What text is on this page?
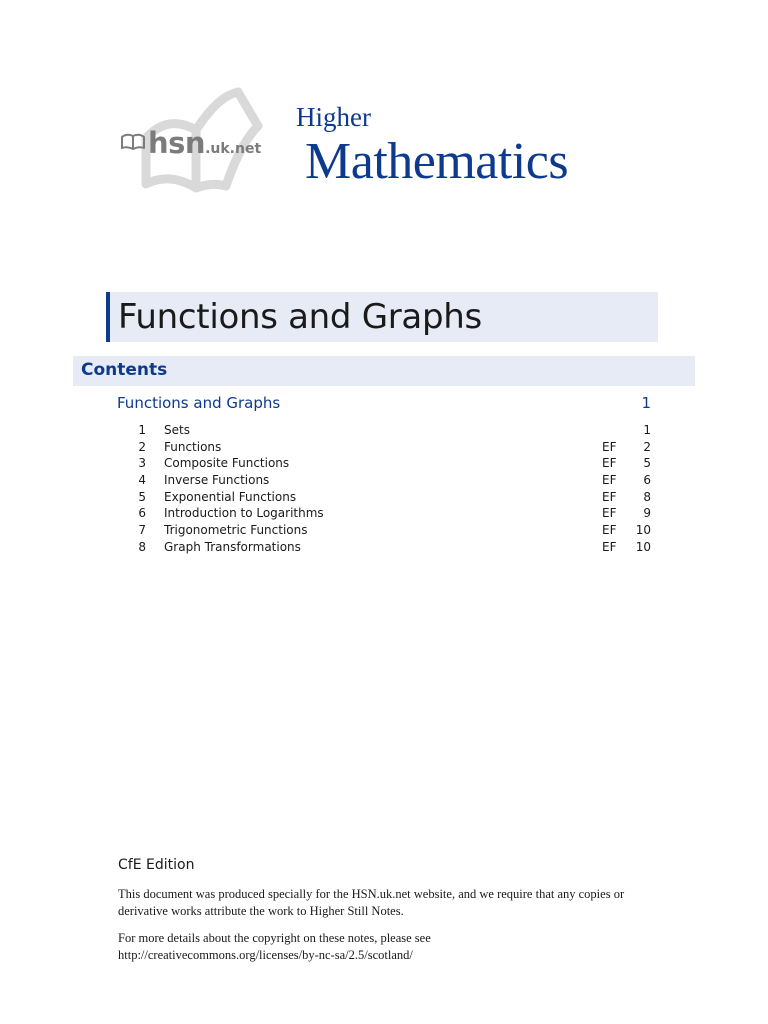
hsn.uk.net
Higher
Mathematics
Functions and Graphs
Contents
Functions and Graphs	1
1 Sets	1
2 Functions	EF 2
3 Composite Functions	EF 5
4 Inverse Functions	EF 6
5 Exponential Functions	EF 8
6 Introduction to Logarithms	EF 9
7 Trigonometric Functions	EF 10
8 Graph Transformations	EF 10
CfE Edition
This document was produced specially for the HSN.uk.net website, and we require that any copies or derivative works attribute the work to Higher Still Notes.
For more details about the copyright on these notes, please see
http://creativecommons.org/licenses/by-nc-sa/2.5/scotland/
